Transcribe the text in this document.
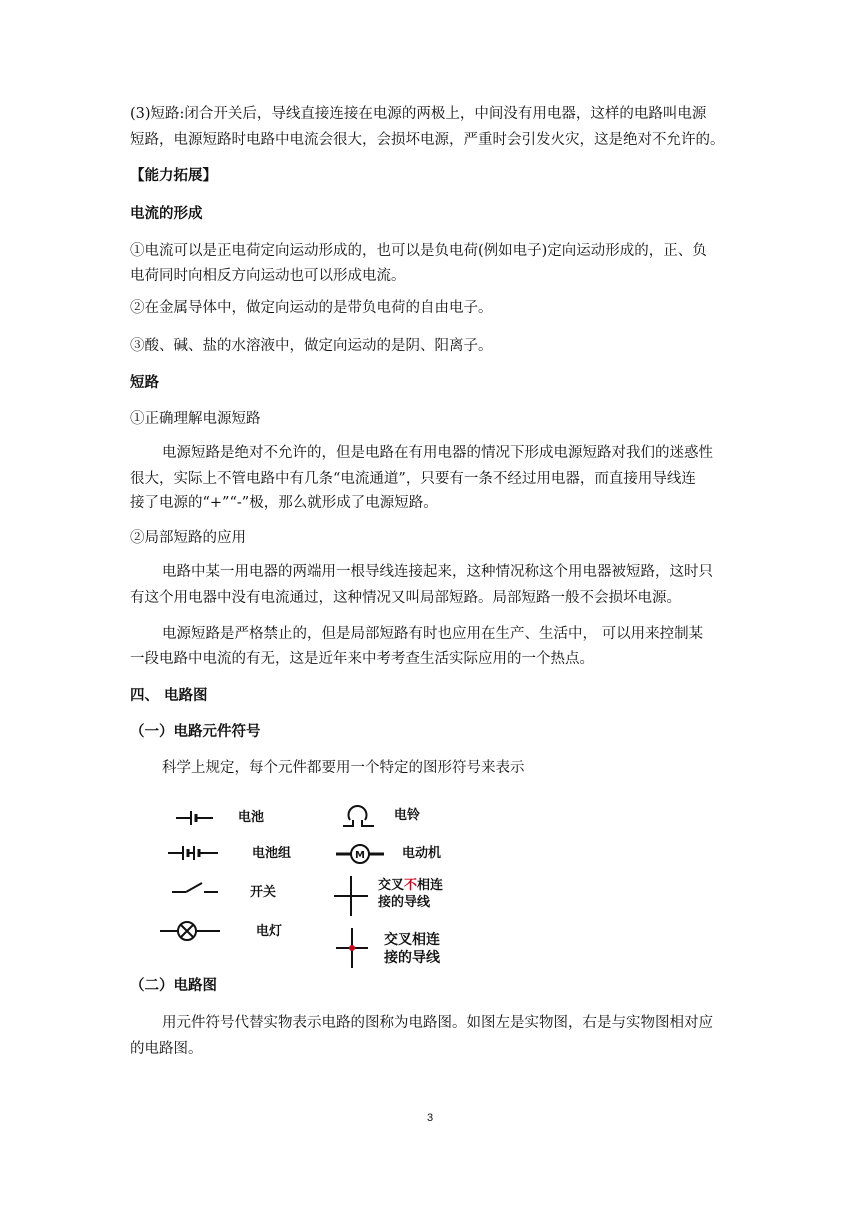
(3)短路:闭合开关后，导线直接连接在电源的两极上，中间没有用电器，这样的电路叫电源
短路，电源短路时电路中电流会很大，会损坏电源，严重时会引发火灾，这是绝对不允许的。
【能力拓展】
电流的形成
①电流可以是正电荷定向运动形成的，也可以是负电荷(例如电子)定向运动形成的，正、负
电荷同时向相反方向运动也可以形成电流。
②在金属导体中，做定向运动的是带负电荷的自由电子。
③酸、碱、盐的水溶液中，做定向运动的是阴、阳离子。
短路
①正确理解电源短路
电源短路是绝对不允许的，但是电路在有用电器的情况下形成电源短路对我们的迷惑性
很大，实际上不管电路中有几条“电流通道”，只要有一条不经过用电器，而直接用导线连
接了电源的“+”“-”极，那么就形成了电源短路。
②局部短路的应用
电路中某一用电器的两端用一根导线连接起来，这种情况称这个用电器被短路，这时只
有这个用电器中没有电流通过，这种情况又叫局部短路。局部短路一般不会损坏电源。
电源短路是严格禁止的，但是局部短路有时也应用在生产、生活中， 可以用来控制某
一段电路中电流的有无，这是近年来中考考查生活实际应用的一个热点。
四、 电路图
（一）电路元件符号
科学上规定，每个元件都要用一个特定的图形符号来表示
M
电池
电池组
开关
电灯
电铃
电动机
交叉不相连
接的导线
交叉相连
接的导线
（二）电路图
用元件符号代替实物表示电路的图称为电路图。如图左是实物图，右是与实物图相对应
的电路图。
3
